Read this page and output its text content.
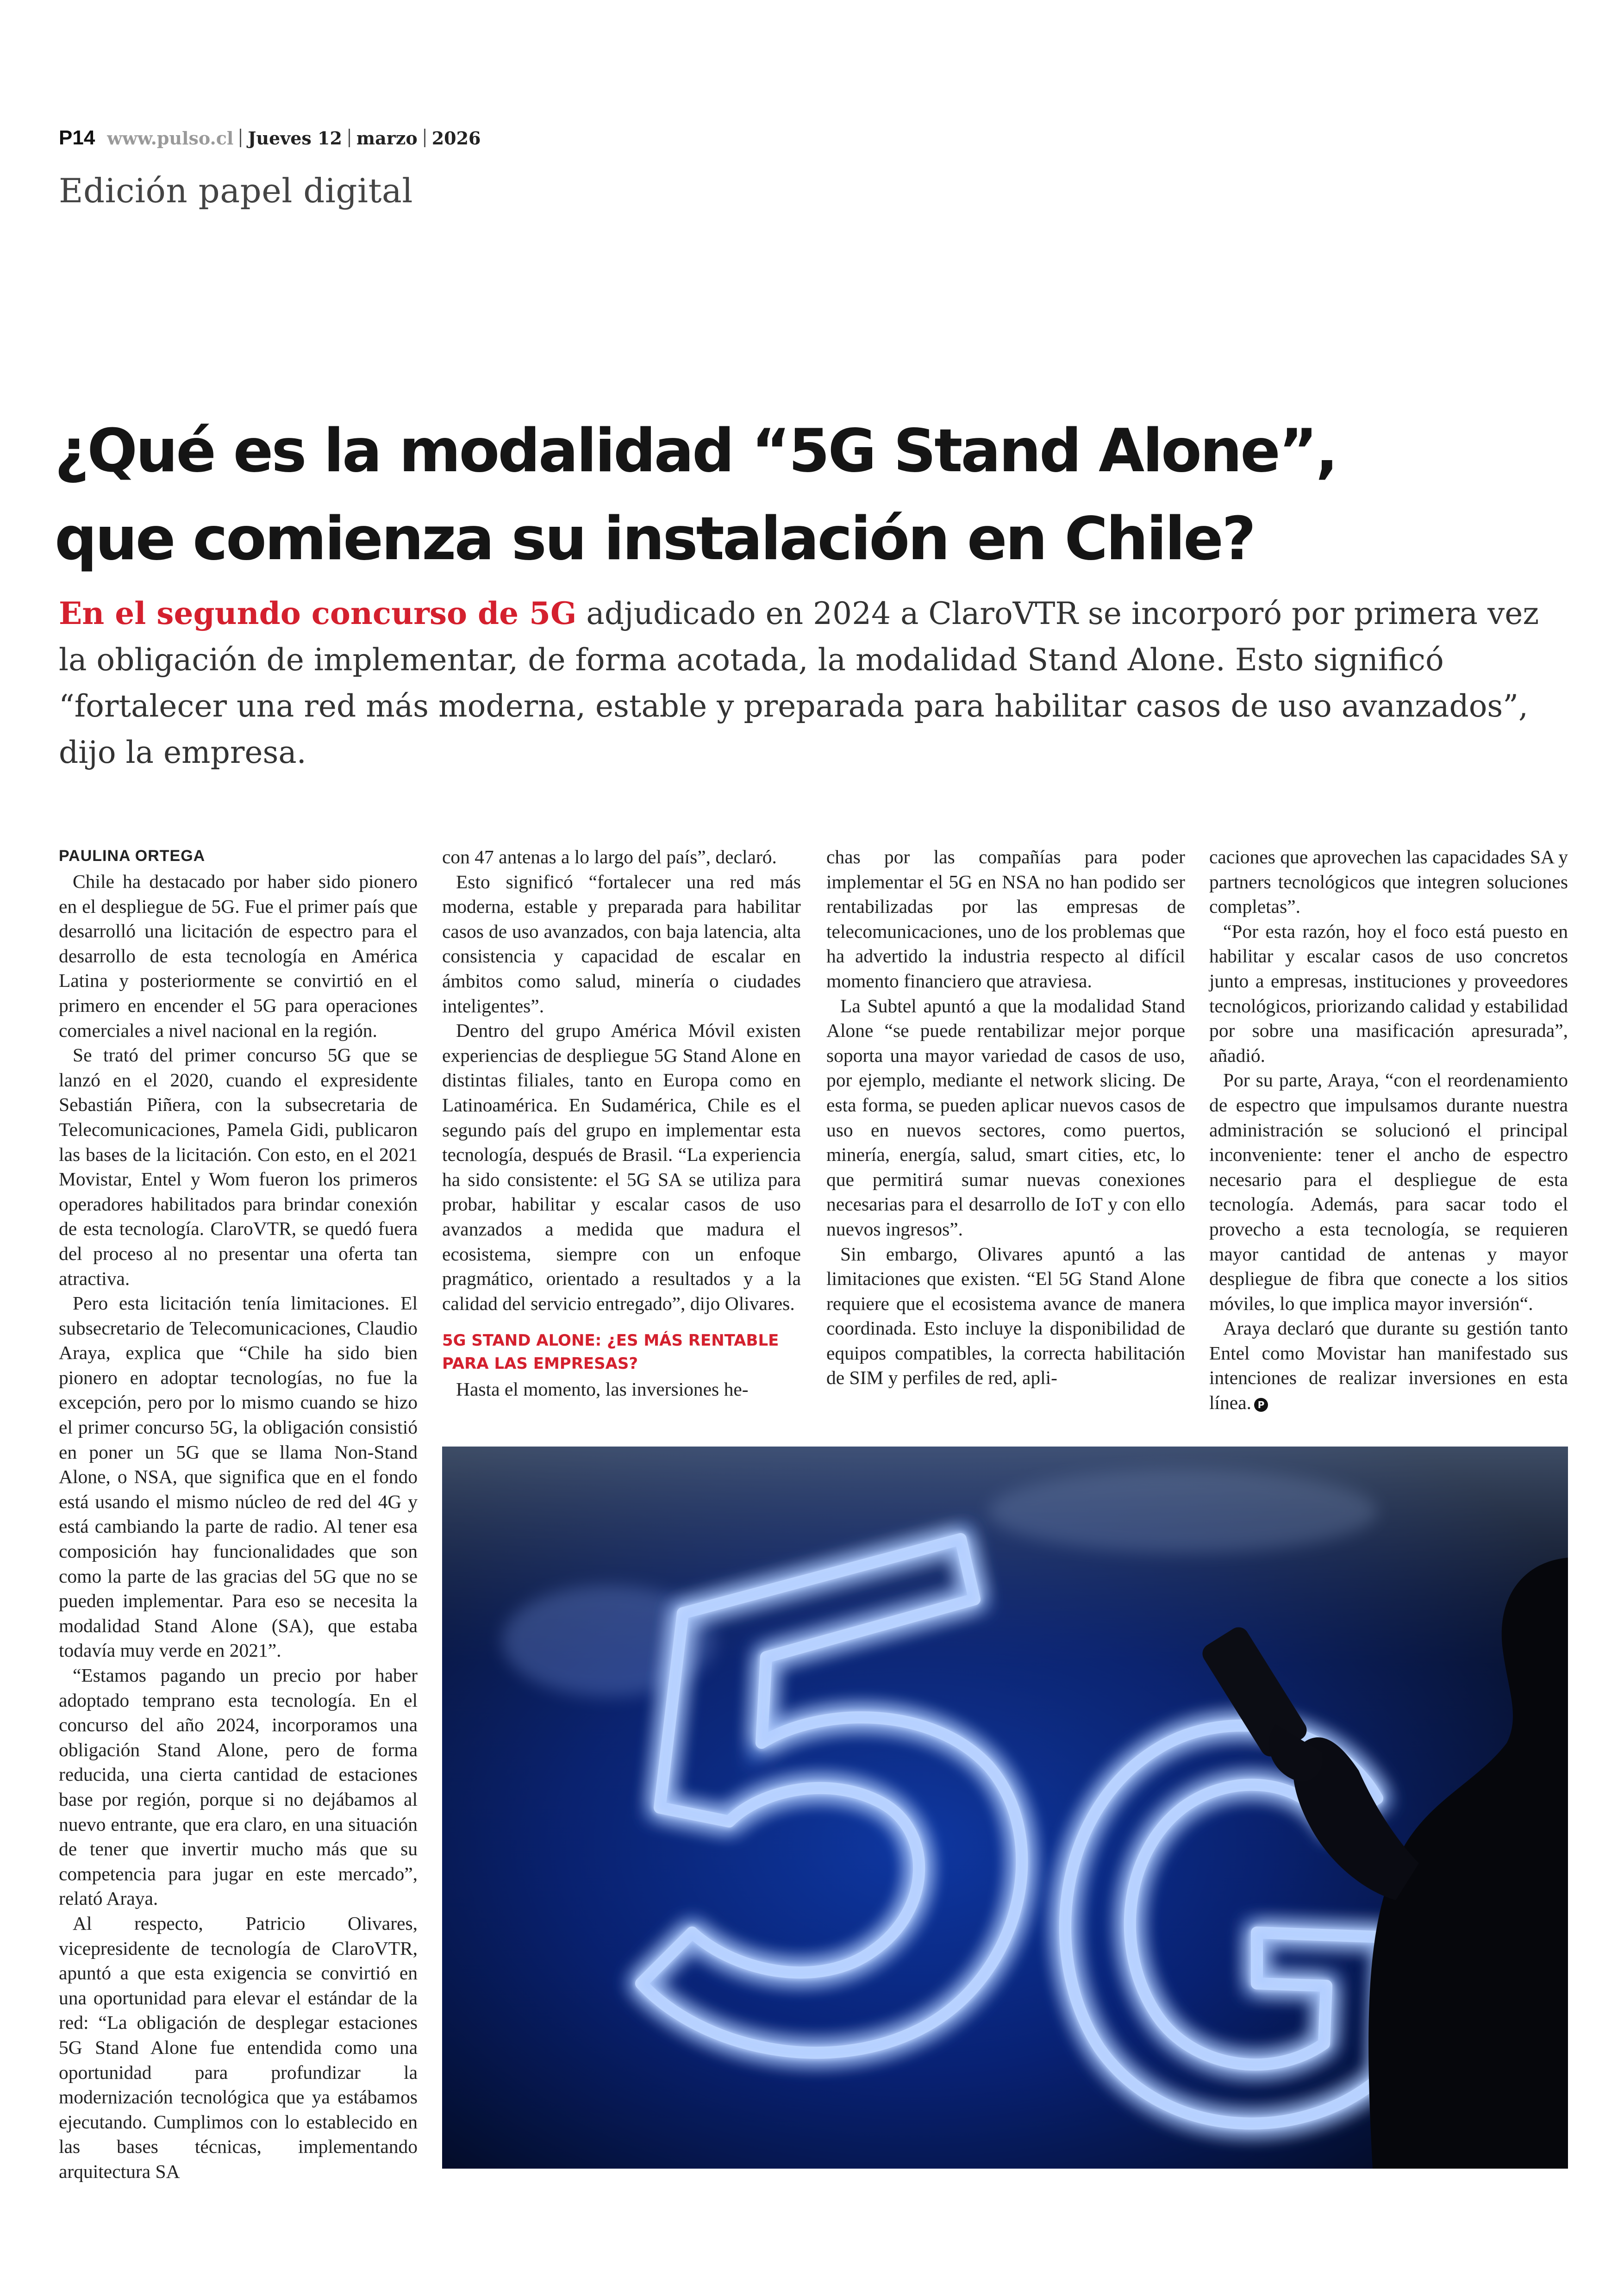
P14 www.pulso.cl Jueves 12 marzo 2026
Edición papel digital
¿Qué es la modalidad “5G Stand Alone”,
que comienza su instalación en Chile?
En el segundo concurso de 5G adjudicado en 2024 a ClaroVTR se incorporó por primera vez la obligación de implementar, de forma acotada, la modalidad Stand Alone. Esto significó “fortalecer una red más moderna, estable y preparada para habilitar casos de uso avanzados”, dijo la empresa.
PAULINA ORTEGA

Chile ha destacado por haber sido pionero en el despliegue de 5G. Fue el primer país que desarrolló una licitación de espectro para el desarrollo de esta tecnología en América Latina y posteriormente se convirtió en el primero en encender el 5G para operaciones comerciales a nivel nacional en la región.

Se trató del primer concurso 5G que se lanzó en el 2020, cuando el expresidente Sebastián Piñera, con la subsecretaria de Telecomunicaciones, Pamela Gidi, publicaron las bases de la licitación. Con esto, en el 2021 Movistar, Entel y Wom fueron los primeros operadores habilitados para brindar conexión de esta tecnología. ClaroVTR, se quedó fuera del proceso al no presentar una oferta tan atractiva.

Pero esta licitación tenía limitaciones. El subsecretario de Telecomunicaciones, Claudio Araya, explica que “Chile ha sido bien pionero en adoptar tecnologías, no fue la excepción, pero por lo mismo cuando se hizo el primer concurso 5G, la obligación consistió en poner un 5G que se llama Non-Stand Alone, o NSA, que significa que en el fondo está usando el mismo núcleo de red del 4G y está cambiando la parte de radio. Al tener esa composición hay funcionalidades que son como la parte de las gracias del 5G que no se pueden implementar. Para eso se necesita la modalidad Stand Alone (SA), que estaba todavía muy verde en 2021”.

“Estamos pagando un precio por haber adoptado temprano esta tecnología. En el concurso del año 2024, incorporamos una obligación Stand Alone, pero de forma reducida, una cierta cantidad de estaciones base por región, porque si no dejábamos al nuevo entrante, que era claro, en una situación de tener que invertir mucho más que su competencia para jugar en este mercado”, relató Araya.

Al respecto, Patricio Olivares, vicepresidente de tecnología de ClaroVTR, apuntó a que esta exigencia se convirtió en una oportunidad para elevar el estándar de la red: “La obligación de desplegar estaciones 5G Stand Alone fue entendida como una oportunidad para profundizar la modernización tecnológica que ya estábamos ejecutando. Cumplimos con lo establecido en las bases técnicas, implementando arquitectura SA

con 47 antenas a lo largo del país”, declaró.

Esto significó “fortalecer una red más moderna, estable y preparada para habilitar casos de uso avanzados, con baja latencia, alta consistencia y capacidad de escalar en ámbitos como salud, minería o ciudades inteligentes”.

Dentro del grupo América Móvil existen experiencias de despliegue 5G Stand Alone en distintas filiales, tanto en Europa como en Latinoamérica. En Sudamérica, Chile es el segundo país del grupo en implementar esta tecnología, después de Brasil. “La experiencia ha sido consistente: el 5G SA se utiliza para probar, habilitar y escalar casos de uso avanzados a medida que madura el ecosistema, siempre con un enfoque pragmático, orientado a resultados y a la calidad del servicio entregado”, dijo Olivares.

5G STAND ALONE: ¿ES MÁS RENTABLE PARA LAS EMPRESAS?

Hasta el momento, las inversiones he-

chas por las compañías para poder implementar el 5G en NSA no han podido ser rentabilizadas por las empresas de telecomunicaciones, uno de los problemas que ha advertido la industria respecto al difícil momento financiero que atraviesa.

La Subtel apuntó a que la modalidad Stand Alone “se puede rentabilizar mejor porque soporta una mayor variedad de casos de uso, por ejemplo, mediante el network slicing. De esta forma, se pueden aplicar nuevos casos de uso en nuevos sectores, como puertos, minería, energía, salud, smart cities, etc, lo que permitirá sumar nuevas conexiones necesarias para el desarrollo de IoT y con ello nuevos ingresos”.

Sin embargo, Olivares apuntó a las limitaciones que existen. “El 5G Stand Alone requiere que el ecosistema avance de manera coordinada. Esto incluye la disponibilidad de equipos compatibles, la correcta habilitación de SIM y perfiles de red, apli-

caciones que aprovechen las capacidades SA y partners tecnológicos que integren soluciones completas”.

“Por esta razón, hoy el foco está puesto en habilitar y escalar casos de uso concretos junto a empresas, instituciones y proveedores tecnológicos, priorizando calidad y estabilidad por sobre una masificación apresurada”, añadió.

Por su parte, Araya, “con el reordenamiento de espectro que impulsamos durante nuestra administración se solucionó el principal inconveniente: tener el ancho de espectro necesario para el despliegue de esta tecnología. Además, para sacar todo el provecho a esta tecnología, se requieren mayor cantidad de antenas y mayor despliegue de fibra que conecte a los sitios móviles, lo que implica mayor inversión“.

Araya declaró que durante su gestión tanto Entel como Movistar han manifestado sus intenciones de realizar inversiones en esta línea. P
